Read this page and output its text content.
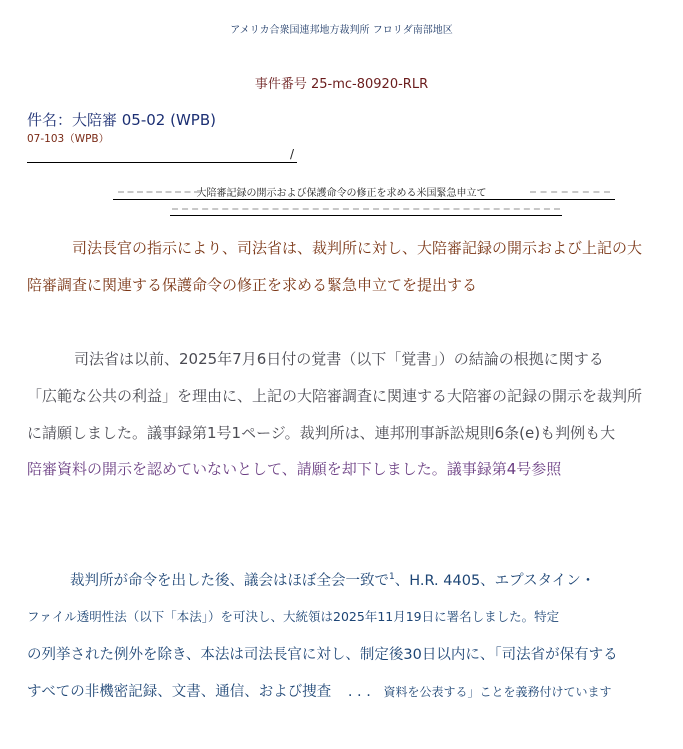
アメリカ合衆国連邦地方裁判所 フロリダ南部地区
事件番号 25-mc-80920-RLR
件名：大陪審 05-02 (WPB)
07-103（WPB）
/
大陪審記録の開示および保護命令の修正を求める米国緊急申立て
司法長官の指示により、司法省は、裁判所に対し、大陪審記録の開示および上記の大
陪審調査に関連する保護命令の修正を求める緊急申立てを提出する
司法省は以前、2025年7月6日付の覚書（以下「覚書」）の結論の根拠に関する
「広範な公共の利益」を理由に、上記の大陪審調査に関連する大陪審の記録の開示を裁判所
に請願しました。議事録第1号1ページ。裁判所は、連邦刑事訴訟規則6条(e)も判例も大
陪審資料の開示を認めていないとして、請願を却下しました。議事録第4号参照
裁判所が命令を出した後、議会はほぼ全会一致で$^1$、H.R. 4405、エプスタイン・
ファイル透明性法（以下「本法」）を可決し、大統領は2025年11月19日に署名しました。特定
の列挙された例外を除き、本法は司法長官に対し、制定後30日以内に、「司法省が保有する
すべての非機密記録、文書、通信、および捜査 . . . 資料を公表する」ことを義務付けています
